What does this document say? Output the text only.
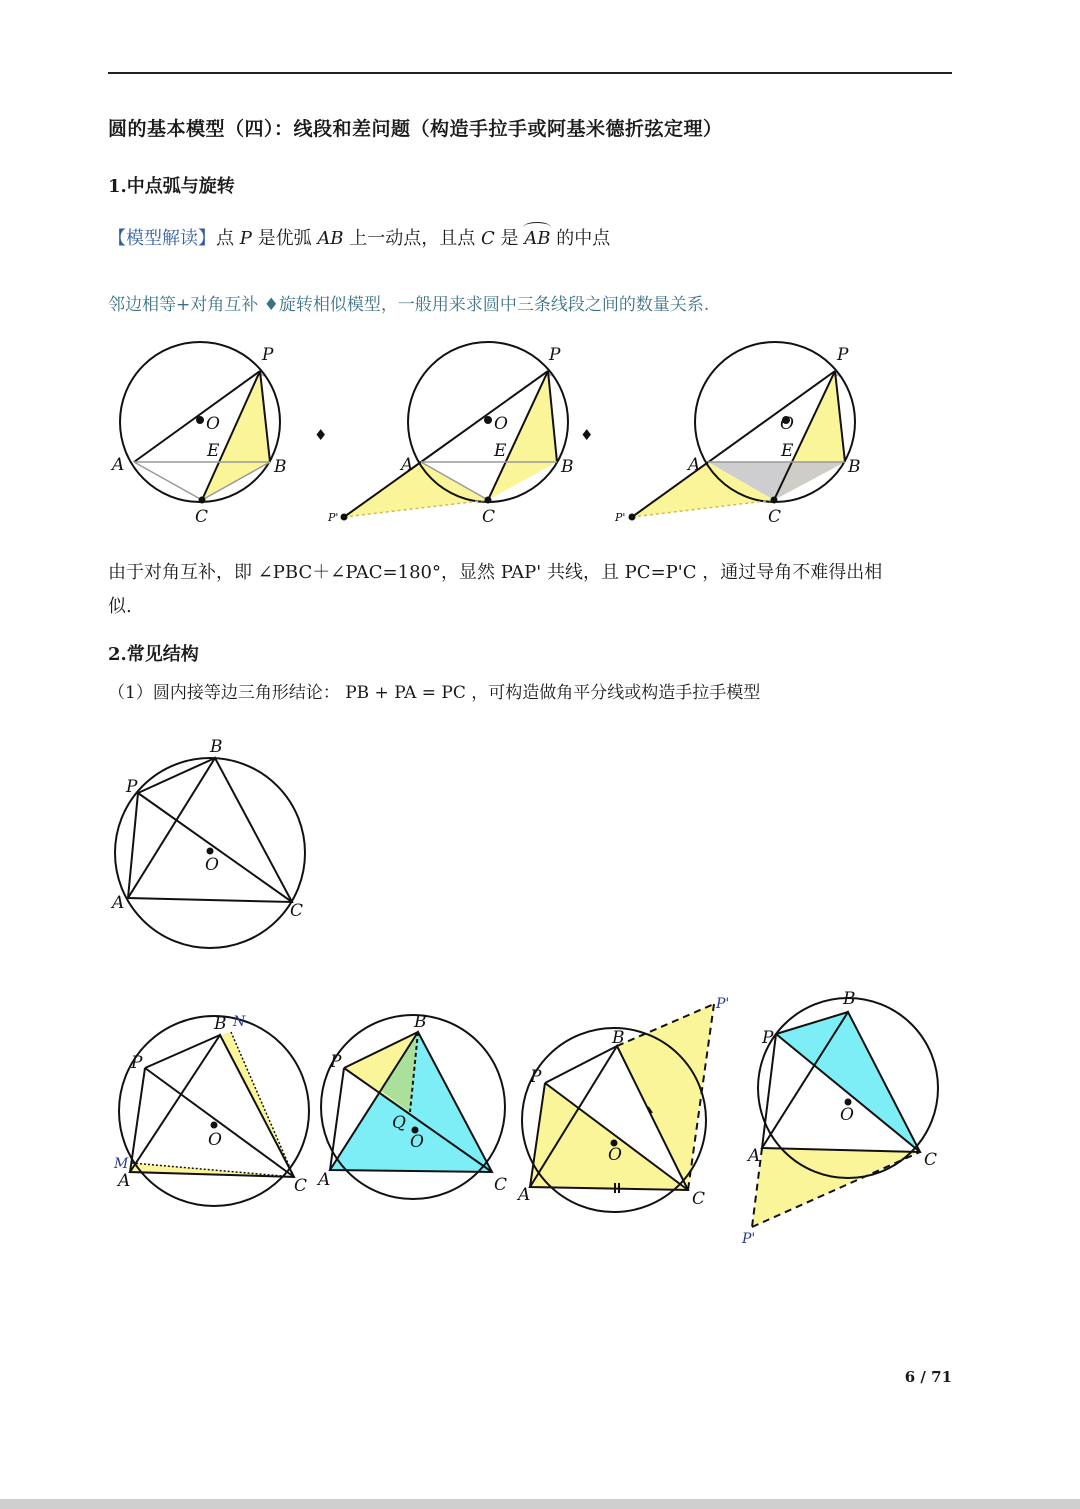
圆的基本模型（四）：线段和差问题（构造手拉手或阿基米德折弦定理）
1.中点弧与旋转
【模型解读】点 P 是优弧 AB 上一动点，且点 C 是 AB 的中点
邻边相等+对角互补 ♦旋转相似模型，一般用来求圆中三条线段之间的数量关系.
由于对角互补，即 ∠PBC＋∠PAC=180°，显然 PAP' 共线，且 PC=P'C ，通过导角不难得出相
似.
2.常见结构
（1）圆内接等边三角形结论： PB + PA = PC ，可构造做角平分线或构造手拉手模型
6 / 71
P
O
E
A	B
C
♦
P
O
E
A	B
C
P'
♦
P
O
E
A	B
C
P'
B
P
O
A	C
B N
P
O
M
A	C
B
P
Q
O
A	C
B
P'
P
O
A	C
B
P
O
A	C
P'
